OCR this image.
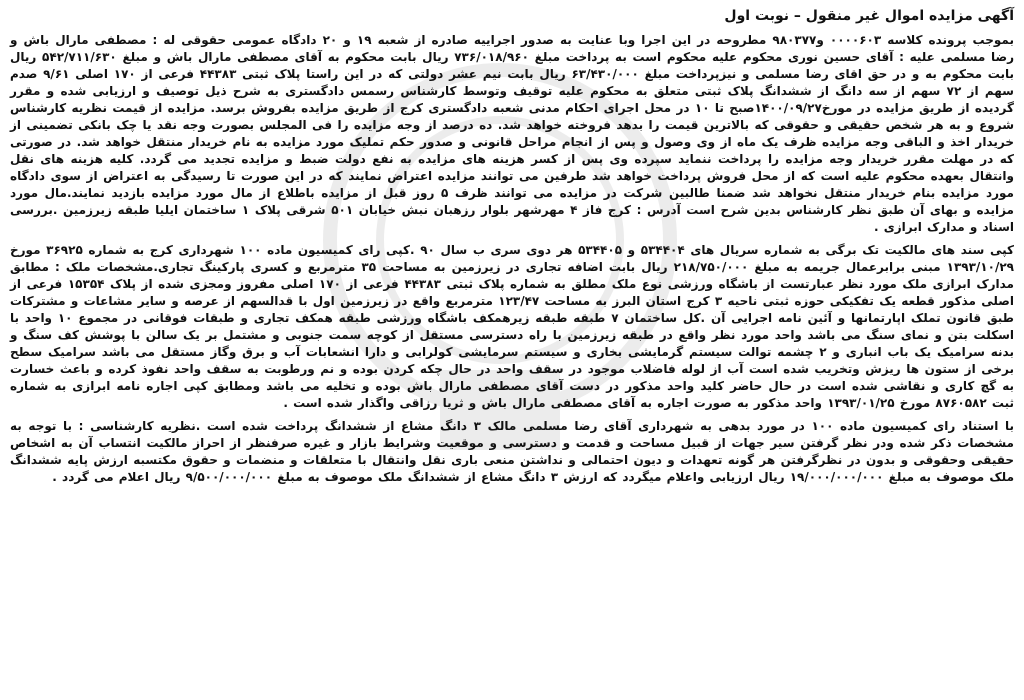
آگهی مزایده اموال غیر منقول – نوبت اول
بموجب پرونده کلاسه ۰۰۰۰۶۰۳ و۹۸۰۳۷۷ مطروحه در این اجرا وبا عنایت به صدور اجراییه صادره از شعبه ۱۹ و ۲۰ دادگاه عمومی حقوقی له : مصطفی مارال باش و رضا مسلمی علیه : آقای حسین نوری محکوم علیه محکوم است به پرداخت مبلغ ۷۳۶/۰۱۸/۹۶۰ ریال بابت محکوم به آقای مصطفی مارال باش و مبلغ ۵۴۲/۷۱۱/۶۳۰ ریال بابت محکوم به و در حق اقای رضا مسلمی و نیزپرداخت مبلغ ۶۳/۴۳۰/۰۰۰ ریال بابت نیم عشر دولتی که در این راستا پلاک ثبتی ۴۴۳۸۳ فرعی از ۱۷۰ اصلی ۹/۶۱ صدم سهم از ۷۲ سهم از سه دانگ از ششدانگ پلاک ثبتی متعلق به محکوم علیه توقیف وتوسط کارشناس رسمس دادگستری به شرح ذیل توصیف و ارزیابی شده و مقرر گردیده از طریق مزایده در مورخ۱۴۰۰/۰۹/۲۷صبح تا ۱۰ در محل اجرای احکام مدنی شعبه دادگستری کرج از طریق مزایده بفروش برسد. مزایده از قیمت نظریه کارشناس شروع و به هر شخص حقیقی و حقوقی که بالاترین قیمت را بدهد فروخته خواهد شد. ده درصد از وجه مزایده را فی المجلس بصورت وجه نقد یا چک بانکی تضمینی از خریدار اخذ و الباقی وجه مزایده ظرف یک ماه از وی وصول و پس از انجام مراحل قانونی و صدور حکم تملیک مورد مزایده به نام خریدار منتقل خواهد شد. در صورتی که در مهلت مقرر خریدار وجه مزایده را پرداخت ننماید سپرده وی پس از کسر هزینه های مزایده به نفع دولت ضبط و مزایده تجدید می گردد. کلیه هزینه های نقل وانتقال بعهده محکوم علیه است که از محل فروش پرداخت خواهد شد طرفین می توانند مزایده اعتراض نمایند که در این صورت تا رسیدگی به اعتراض از سوی دادگاه مورد مزایده بنام خریدار منتقل نخواهد شد ضمنا طالبین شرکت در مزایده می توانند ظرف ۵ روز قبل از مزایده باطلاع از مال مورد مزایده بازدید نمایند.مال مورد مزایده و بهای آن طبق نظر کارشناس بدین شرح است آدرس : کرج فاز ۴ مهرشهر بلوار رزهبان نبش خیابان ۵۰۱ شرقی پلاک ۱ ساختمان ایلیا طبقه زیرزمین .بررسی اسناد و مدارک ابرازی .
کپی سند های مالکیت تک برگی به شماره سریال های ۵۳۴۴۰۴ و ۵۳۴۴۰۵ هر دوی سری ب سال ۹۰ .کپی رای کمیسیون ماده ۱۰۰ شهرداری کرج به شماره ۳۶۹۲۵ مورخ ۱۳۹۳/۱۰/۲۹ مبنی برابرعمال جریمه به مبلغ ۲۱۸/۷۵۰/۰۰۰ ریال بابت اضافه تجاری در زیرزمین به مساحت ۳۵ مترمربع و کسری پارکینگ تجاری.مشخصات ملک : مطابق مدارک ابرازی ملک مورد نظر عبارتست از باشگاه ورزشی نوع ملک مطلق به شماره پلاک ثبتی ۴۴۳۸۳ فرعی از ۱۷۰ اصلی مفروز ومجزی شده از پلاک ۱۵۳۵۴ فرعی از اصلی مذکور قطعه یک تفکیکی حوزه ثبتی ناحیه ۳ کرج استان البرز به مساحت ۱۲۳/۴۷ مترمربع واقع در زیرزمین اول با قدالسهم از عرصه و سایر مشاعات و مشترکات طبق قانون تملک اپارتمانها و آئین نامه اجرایی آن .کل ساختمان ۷ طبقه طبقه زیرهمکف باشگاه ورزشی طبقه همکف تجاری و طبقات فوقانی در مجموع ۱۰ واحد با اسکلت بتن و نمای سنگ می باشد واحد مورد نظر واقع در طبقه زیرزمین با راه دسترسی مستقل از کوچه سمت جنوبی و مشتمل بر یک سالن با پوشش کف سنگ و بدنه سرامیک یک باب انباری و ۲ چشمه توالت سیستم گرمایشی بخاری و سیستم سرمایشی کولرابی و دارا انشعابات آب و برق وگاز مستقل می باشد سرامیک سطح برخی از ستون ها ریزش وتخریب شده است آب از لوله فاضلاب موجود در سقف واحد در حال چکه کردن بوده و نم ورطوبت به سقف واحد نفوذ کرده و باعث خسارت به گچ کاری و نقاشی شده است در حال حاضر کلید واحد مذکور در دست آقای مصطفی مارال باش بوده و تخلیه می باشد ومطابق کپی اجاره نامه ابرازی به شماره ثبت ۸۷۶۰۵۸۲ مورخ ۱۳۹۳/۰۱/۲۵ واحد مذکور به صورت اجاره به آقای مصطفی مارال باش و ثریا رزاقی واگذار شده است .
با استناد رای کمیسیون ماده ۱۰۰ در مورد بدهی به شهرداری آقای رضا مسلمی مالک ۳ دانگ مشاع از ششدانگ پرداخت شده است .نظریه کارشناسی : با توجه به مشخصات ذکر شده ودر نظر گرفتن سیر جهات از قبیل مساحت و قدمت و دسترسی و موقعیت وشرایط بازار و غیره صرفنظر از احراز مالکیت انتساب آن به اشخاص حقیقی وحقوقی و بدون در نظرگرفتن هر گونه تعهدات و دیون احتمالی و نداشتن منعی باری نقل وانتقال با متعلقات و منضمات و حقوق مکتسبه ارزش پایه ششدانگ ملک موصوف به مبلغ ۱۹/۰۰۰/۰۰۰/۰۰۰ ریال ارزیابی واعلام میگردد که ارزش ۳ دانگ مشاع از ششدانگ ملک موصوف به مبلغ ۹/۵۰۰/۰۰۰/۰۰۰ ریال اعلام می گردد .
